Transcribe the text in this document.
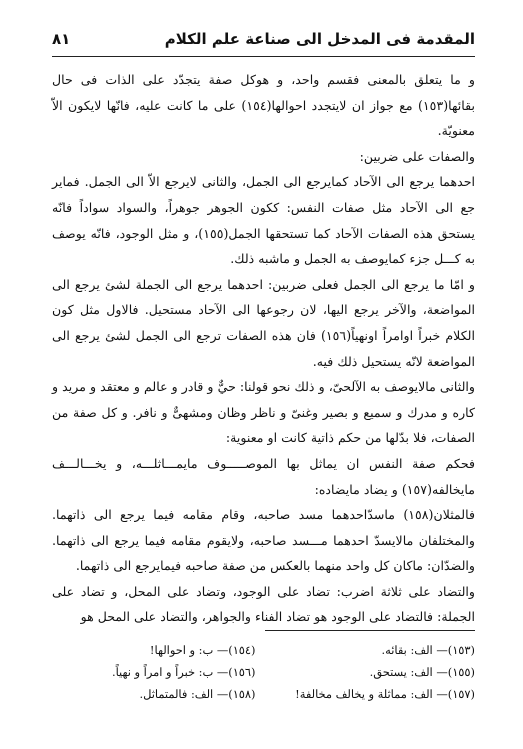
المقدمة فى المدخل الى صناعة علم الكلام
٨١

و ما يتعلق بالمعنى فقسم واحد، و هوكل صفة يتجدّد على الذات فى حال بقائها(١٥٣) مع جواز ان لايتجدد احوالها(١٥٤) على ما كانت عليه، فانّها لايكون الاّ معنويّة.

والصفات على ضربين:

احدهما يرجع الى الآحاد كمايرجع الى الجمل، والثانى لايرجع الاّ الى الجمل. فماير جع الى الآحاد مثل صفات النفس: ككون الجوهر جوهراً، والسواد سواداً فانّه يستحق هذه الصفات الآحاد كما تستحقها الجمل(١٥٥)، و مثل الوجود، فانّه يوصف به كـــل جزء كمايوصف به الجمل و ماشبه ذلك.

و امّا ما يرجع الى الجمل فعلى ضربين: احدهما يرجع الى الجملة لشئ يرجع الى المواضعة، والآخر يرجع اليها، لان رجوعها الى الآحاد مستحيل. فالاول مثل كون الكلام خبراً اوامراً اونهياً(١٥٦) فان هذه الصفات ترجع الى الجمل لشئ يرجع الى المواضعة لانّه يستحيل ذلك فيه.

والثانى مالايوصف به الآلحىّ، و ذلك نحو قولنا: حيٌّ و قادر و عالم و معتقد و مريد و كاره و مدرك و سميع و بصير وغنىّ و ناظر وظان ومشهىٌّ و نافر. و كل صفة من الصفات، فلا بدّلها من حكم ذاتية كانت او معنوية:

فحكم صفة النفس ان يماثل بها الموصـــــوف مايمـــاثلـــه، و يخـــالـــف مايخالفه(١٥٧) و يضاد مايضاده:

فالمثلان(١٥٨) ماسدّاحدهما مسد صاحبه، وقام مقامه فيما يرجع الى ذاتهما. والمختلفان مالايسدّ احدهما مـــسد صاحبه، ولايقوم مقامه فيما يرجع الى ذاتهما. والضدّان: ماكان كل واحد منهما بالعكس من صفة صاحبه فيمايرجع الى ذاتهما.

والتضاد على ثلاثة اضرب: تضاد على الوجود، وتضاد على المحل، و تضاد على الجملة: فالتضاد على الوجود هو تضاد الفناء والجواهر، والتضاد على المحل هو

(١٥٣)— الف: بقائه.
(١٥٤)— ب: و احوالها!
(١٥٥)— الف: يستحق.
(١٥٦)— ب: خبراً و امراً و نهياً.
(١٥٧)— الف: مماثلة و يخالف مخالفة!
(١٥٨)— الف: فالمتماثل.
